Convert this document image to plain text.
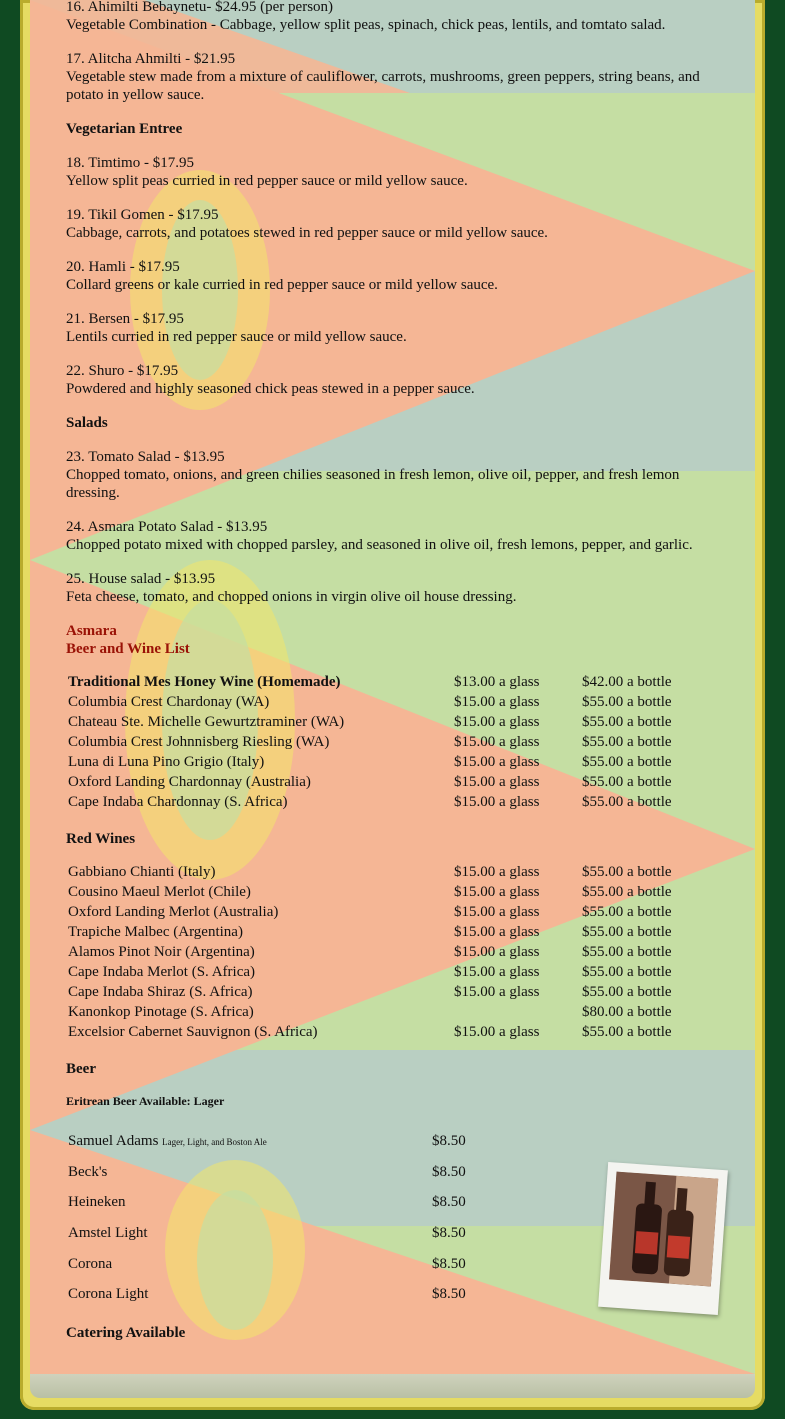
16. Ahimilti Bebaynetu- $24.95 (per person)
Vegetable Combination - Cabbage, yellow split peas, spinach, chick peas, lentils, and tomtato salad.
17. Alitcha Ahmilti - $21.95
Vegetable stew made from a mixture of cauliflower, carrots, mushrooms, green peppers, string beans, and potato in yellow sauce.
Vegetarian Entree
18. Timtimo - $17.95
Yellow split peas curried in red pepper sauce or mild yellow sauce.
19. Tikil Gomen - $17.95
Cabbage, carrots, and potatoes stewed in red pepper sauce or mild yellow sauce.
20. Hamli - $17.95
Collard greens or kale curried in red pepper sauce or mild yellow sauce.
21. Bersen - $17.95
Lentils curried in red pepper sauce or mild yellow sauce.
22. Shuro - $17.95
Powdered and highly seasoned chick peas stewed in a pepper sauce.
Salads
23. Tomato Salad - $13.95
Chopped tomato, onions, and green chilies seasoned in fresh lemon, olive oil, pepper, and fresh lemon dressing.
24. Asmara Potato Salad - $13.95
Chopped potato mixed with chopped parsley, and seasoned in olive oil, fresh lemons, pepper, and garlic.
25. House salad - $13.95
Feta cheese, tomato, and chopped onions in virgin olive oil house dressing.
Asmara
Beer and Wine List
Traditional Mes Honey Wine (Homemade)	$13.00 a glass	$42.00 a bottle
Columbia Crest Chardonay (WA)	$15.00 a glass	$55.00 a bottle
Chateau Ste. Michelle Gewurtztraminer (WA)	$15.00 a glass	$55.00 a bottle
Columbia Crest Johnnisberg Riesling (WA)	$15.00 a glass	$55.00 a bottle
Luna di Luna Pino Grigio (Italy)	$15.00 a glass	$55.00 a bottle
Oxford Landing Chardonnay (Australia)	$15.00 a glass	$55.00 a bottle
Cape Indaba Chardonnay (S. Africa)	$15.00 a glass	$55.00 a bottle
Red Wines
Gabbiano Chianti (Italy)	$15.00 a glass	$55.00 a bottle
Cousino Maeul Merlot (Chile)	$15.00 a glass	$55.00 a bottle
Oxford Landing Merlot (Australia)	$15.00 a glass	$55.00 a bottle
Trapiche Malbec (Argentina)	$15.00 a glass	$55.00 a bottle
Alamos Pinot Noir (Argentina)	$15.00 a glass	$55.00 a bottle
Cape Indaba Merlot (S. Africa)	$15.00 a glass	$55.00 a bottle
Cape Indaba Shiraz (S. Africa)	$15.00 a glass	$55.00 a bottle
Kanonkop Pinotage (S. Africa)		$80.00 a bottle
Excelsior Cabernet Sauvignon (S. Africa)	$15.00 a glass	$55.00 a bottle
Beer
Eritrean Beer Available: Lager
Samuel Adams Lager, Light, and Boston Ale	$8.50
Beck's	$8.50
Heineken	$8.50
Amstel Light	$8.50
Corona	$8.50
Corona Light	$8.50
Catering Available
